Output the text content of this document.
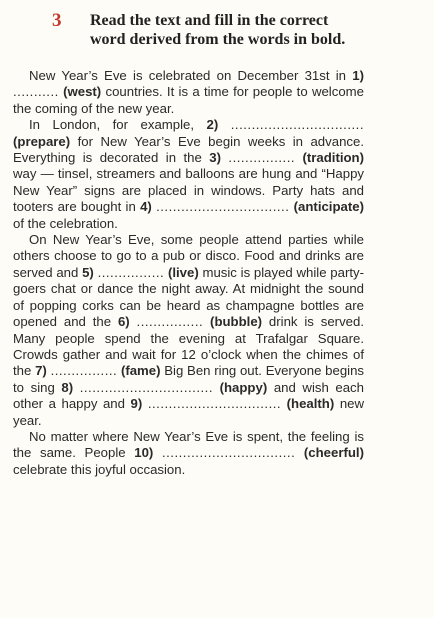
3	Read the text and fill in the correct
word derived from the words in bold.

New Year’s Eve is celebrated on December 31st in 1) ........... (west) countries. It is a time for people to welcome the coming of the new year.

In London, for example, 2) ................................ (prepare) for New Year’s Eve begin weeks in advance. Everything is decorated in the 3) ................ (tradition) way — tinsel, streamers and balloons are hung and “Happy New Year” signs are placed in windows. Party hats and tooters are bought in 4) ................................ (anticipate) of the celebration.

On New Year’s Eve, some people attend parties while others choose to go to a pub or disco. Food and drinks are served and 5) ................ (live) music is played while party-goers chat or dance the night away. At midnight the sound of popping corks can be heard as champagne bottles are opened and the 6) ................ (bubble) drink is served. Many people spend the evening at Trafalgar Square. Crowds gather and wait for 12 o’clock when the chimes of the 7) ................ (fame) Big Ben ring out. Everyone begins to sing 8) ................................ (happy) and wish each other a happy and 9) ................................ (health) new year.

No matter where New Year’s Eve is spent, the feeling is the same. People 10) ................................ (cheerful) celebrate this joyful occasion.
